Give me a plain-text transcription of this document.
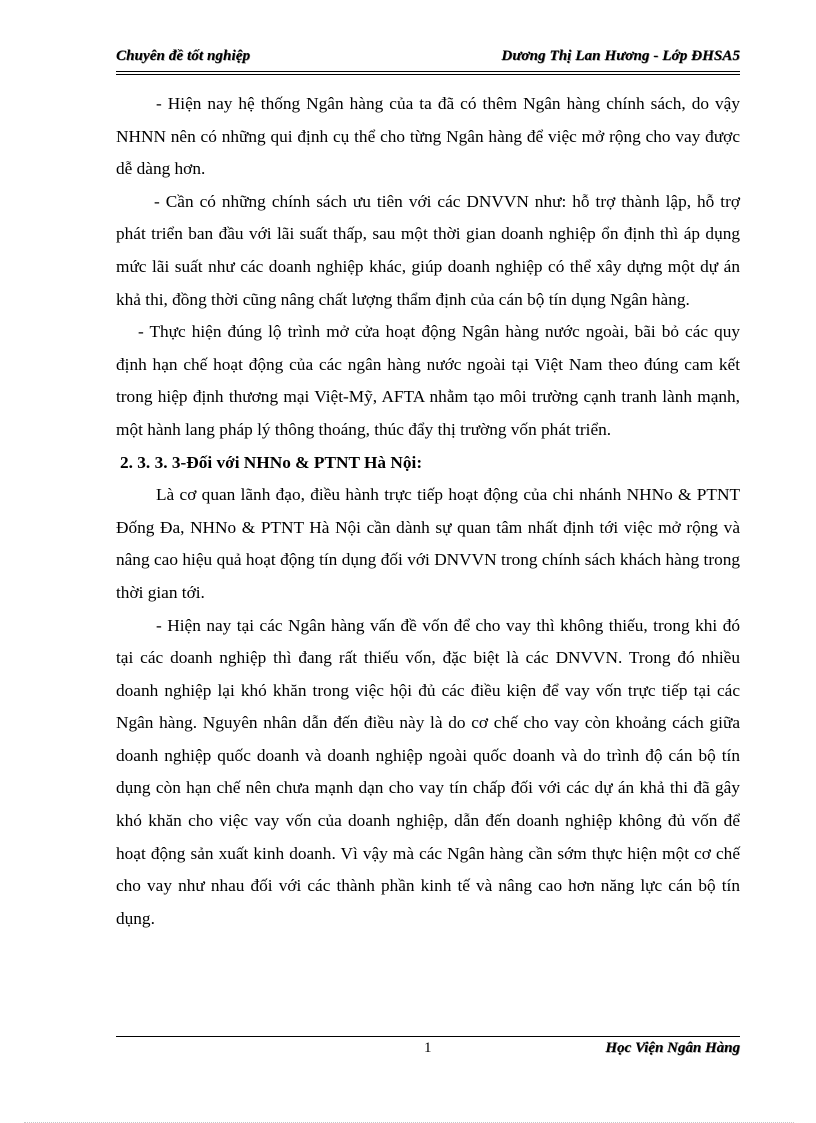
Chuyên đề tốt nghiệp	Dương Thị Lan Hương - Lớp ĐHSA5

- Hiện nay hệ thống Ngân hàng của ta đã có thêm Ngân hàng chính sách, do vậy NHNN nên có những qui định cụ thể cho từng Ngân hàng để việc mở rộng cho vay được dễ dàng hơn.

- Cần có những chính sách ưu tiên với các DNVVN như: hỗ trợ thành lập, hỗ trợ phát triển ban đầu với lãi suất thấp, sau một thời gian doanh nghiệp ổn định thì áp dụng mức lãi suất như các doanh nghiệp khác, giúp doanh nghiệp có thể xây dựng một dự án khả thi, đồng thời cũng nâng chất lượng thẩm định của cán bộ tín dụng Ngân hàng.

- Thực hiện đúng lộ trình mở cửa hoạt động Ngân hàng nước ngoài, bãi bỏ các quy định hạn chế hoạt động của các ngân hàng nước ngoài tại Việt Nam theo đúng cam kết trong hiệp định thương mại Việt-Mỹ, AFTA nhằm tạo môi trường cạnh tranh lành mạnh, một hành lang pháp lý thông thoáng, thúc đẩy thị trường vốn phát triển.

2. 3. 3. 3-Đối với NHNo & PTNT Hà Nội:

Là cơ quan lãnh đạo, điều hành trực tiếp hoạt động của chi nhánh NHNo & PTNT Đống Đa, NHNo & PTNT Hà Nội cần dành sự quan tâm nhất định tới việc mở rộng và nâng cao hiệu quả hoạt động tín dụng đối với DNVVN trong chính sách khách hàng trong thời gian tới.

- Hiện nay tại các Ngân hàng vấn đề vốn để cho vay thì không thiếu, trong khi đó tại các doanh nghiệp thì đang rất thiếu vốn, đặc biệt là các DNVVN. Trong đó nhiều doanh nghiệp lại khó khăn trong việc hội đủ các điều kiện để vay vốn trực tiếp tại các Ngân hàng. Nguyên nhân dẫn đến điều này là do cơ chế cho vay còn khoảng cách giữa doanh nghiệp quốc doanh và doanh nghiệp ngoài quốc doanh và do trình độ cán bộ tín dụng còn hạn chế nên chưa mạnh dạn cho vay tín chấp đối với các dự án khả thi đã gây khó khăn cho việc vay vốn của doanh nghiệp, dẫn đến doanh nghiệp không đủ vốn để hoạt động sản xuất kinh doanh. Vì vậy mà các Ngân hàng cần sớm thực hiện một cơ chế cho vay như nhau đối với các thành phần kinh tế và nâng cao hơn năng lực cán bộ tín dụng.

1	Học Viện Ngân Hàng
